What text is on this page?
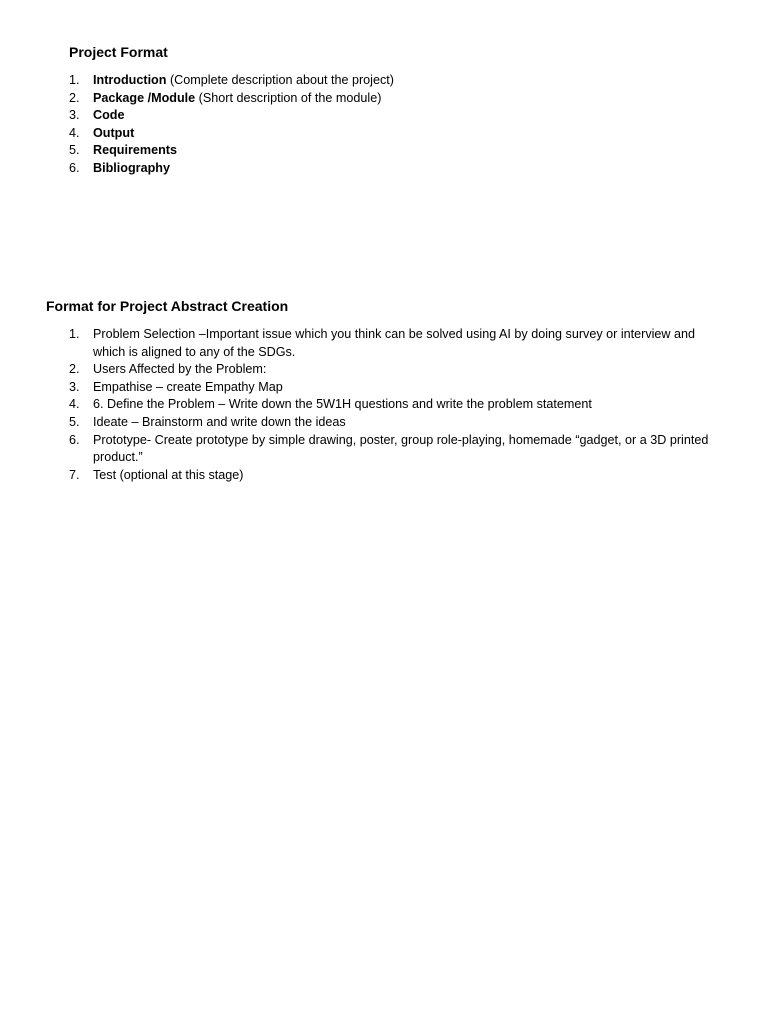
Project Format
1.	Introduction (Complete description about the project)
2.	Package /Module (Short description of the module)
3.	Code
4.	Output
5.	Requirements
6.	Bibliography
Format for Project Abstract Creation
1.	Problem Selection –Important issue which you think can be solved using AI by doing survey or interview and which is aligned to any of the SDGs.
2.	Users Affected by the Problem:
3.	Empathise – create Empathy Map
4.	6. Define the Problem – Write down the 5W1H questions and write the problem statement
5.	Ideate – Brainstorm and write down the ideas
6.	Prototype- Create prototype by simple drawing, poster, group role-playing, homemade “gadget, or a 3D printed product.”
7.	Test (optional at this stage)
